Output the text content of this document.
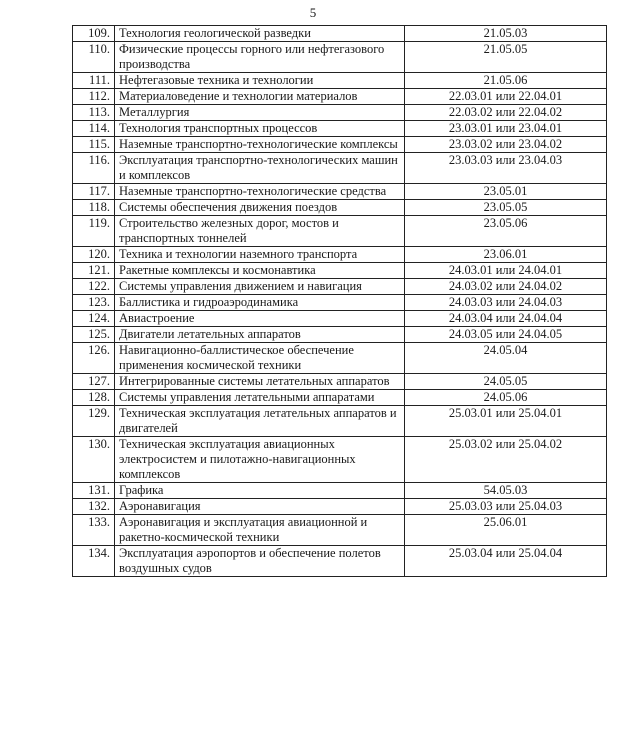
5
109.	Технология геологической разведки	21.05.03
110.	Физические процессы горного или нефтегазового производства	21.05.05
111.	Нефтегазовые техника и технологии	21.05.06
112.	Материаловедение и технологии материалов	22.03.01 или 22.04.01
113.	Металлургия	22.03.02 или 22.04.02
114.	Технология транспортных процессов	23.03.01 или 23.04.01
115.	Наземные транспортно-технологические комплексы	23.03.02 или 23.04.02
116.	Эксплуатация транспортно-технологических машин и комплексов	23.03.03 или 23.04.03
117.	Наземные транспортно-технологические средства	23.05.01
118.	Системы обеспечения движения поездов	23.05.05
119.	Строительство железных дорог, мостов и транспортных тоннелей	23.05.06
120.	Техника и технологии наземного транспорта	23.06.01
121.	Ракетные комплексы и космонавтика	24.03.01 или 24.04.01
122.	Системы управления движением и навигация	24.03.02 или 24.04.02
123.	Баллистика и гидроаэродинамика	24.03.03 или 24.04.03
124.	Авиастроение	24.03.04 или 24.04.04
125.	Двигатели летательных аппаратов	24.03.05 или 24.04.05
126.	Навигационно-баллистическое обеспечение применения космической техники	24.05.04
127.	Интегрированные системы летательных аппаратов	24.05.05
128.	Системы управления летательными аппаратами	24.05.06
129.	Техническая эксплуатация летательных аппаратов и двигателей	25.03.01 или 25.04.01
130.	Техническая эксплуатация авиационных электросистем и пилотажно-навигационных комплексов	25.03.02 или 25.04.02
131.	Графика	54.05.03
132.	Аэронавигация	25.03.03 или 25.04.03
133.	Аэронавигация и эксплуатация авиационной и ракетно-космической техники	25.06.01
134.	Эксплуатация аэропортов и обеспечение полетов воздушных судов	25.03.04 или 25.04.04
